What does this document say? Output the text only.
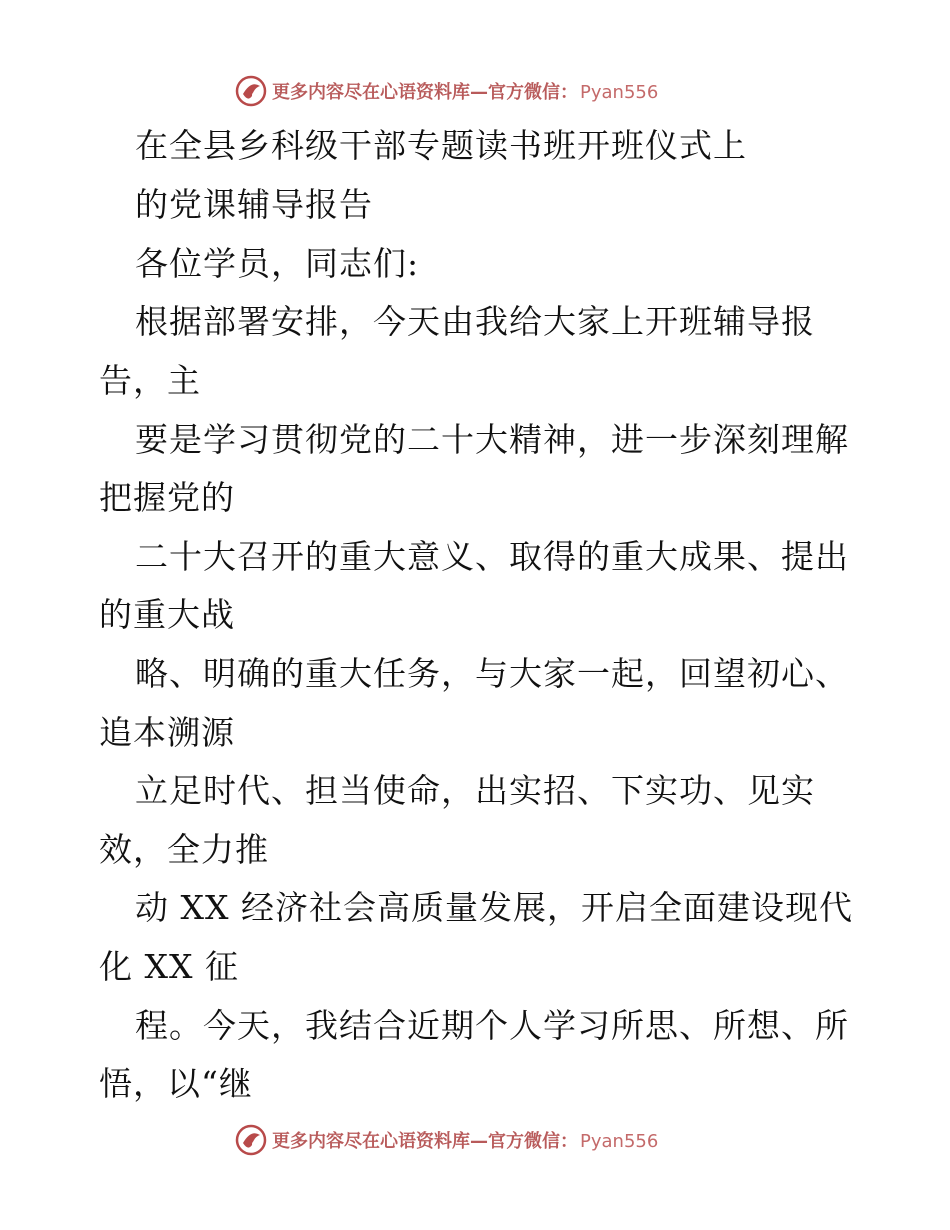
更多内容尽在心语资料库—官方微信： Pyan556
在全县乡科级干部专题读书班开班仪式上
的党课辅导报告
各位学员，同志们:
根据部署安排，今天由我给大家上开班辅导报
告，主
要是学习贯彻党的二十大精神，进一步深刻理解
把握党的
二十大召开的重大意义、取得的重大成果、提出
的重大战
略、明确的重大任务，与大家一起，回望初心、
追本溯源
立足时代、担当使命，出实招、下实功、见实
效，全力推
动 XX 经济社会高质量发展，开启全面建设现代
化 XX 征
程。今天，我结合近期个人学习所思、所想、所
悟，以“继
更多内容尽在心语资料库—官方微信： Pyan556
